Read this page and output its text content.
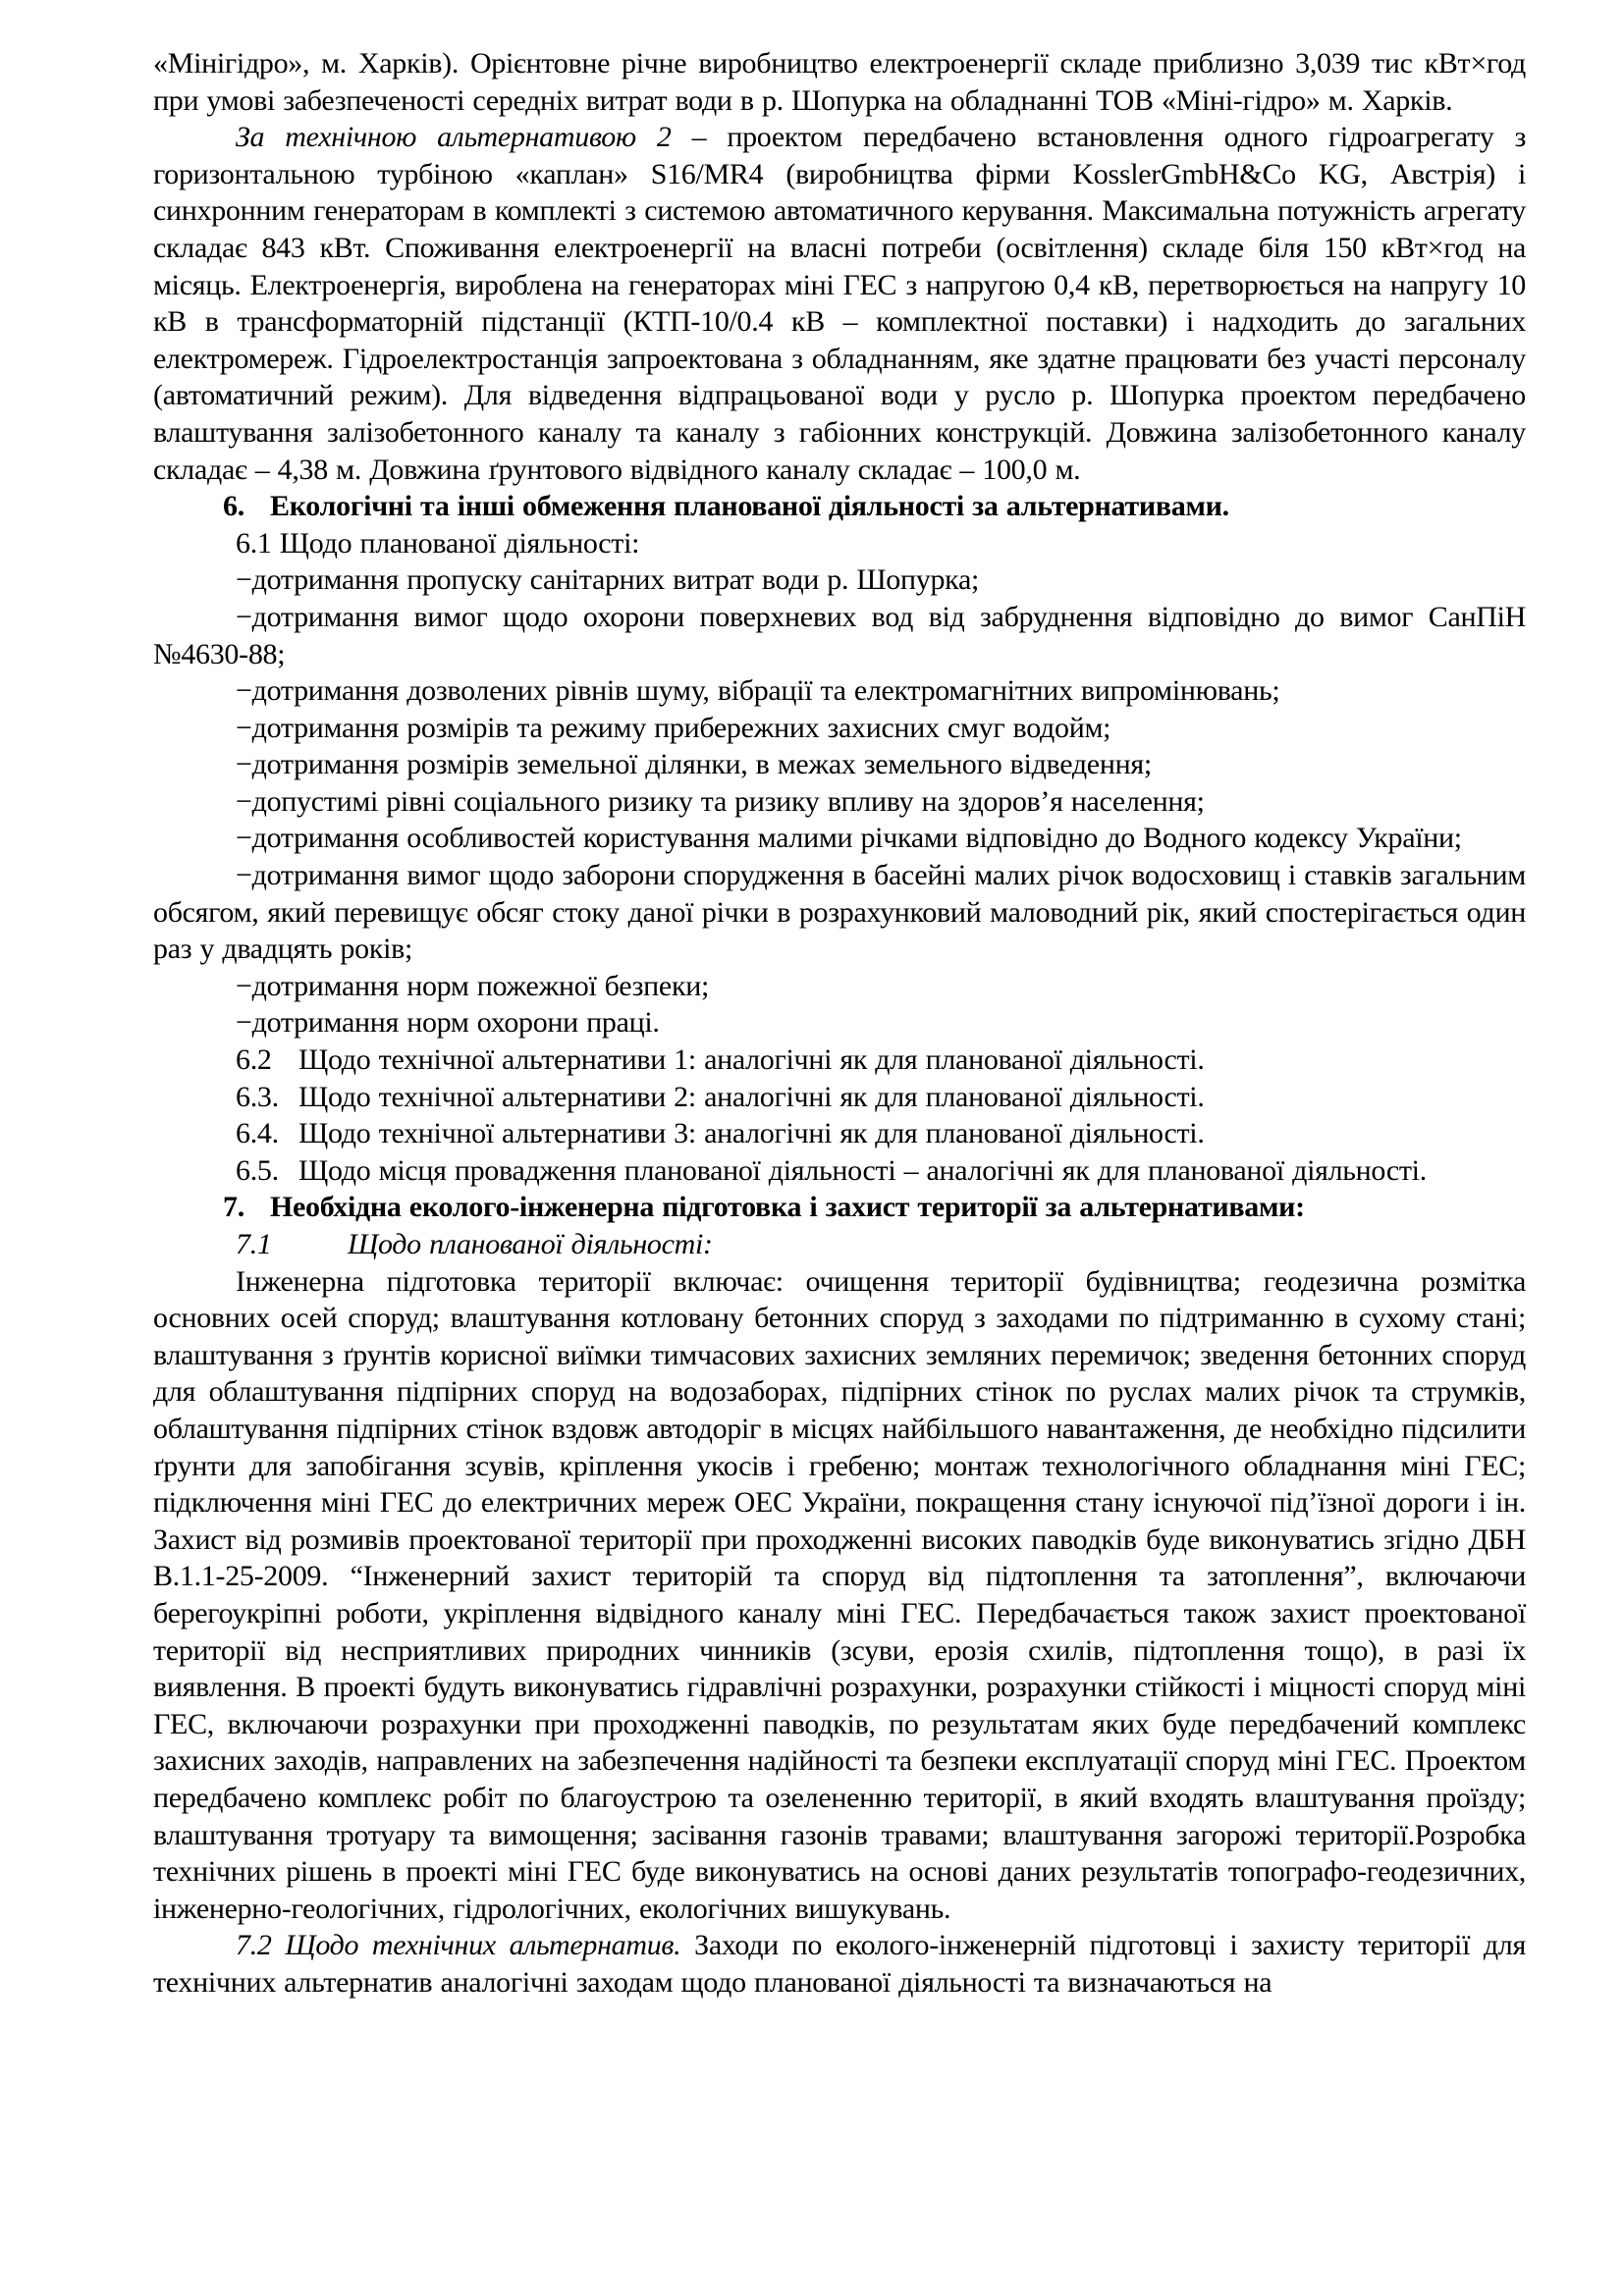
«Мінігідро», м. Харків). Орієнтовне річне виробництво електроенергії складе приблизно 3,039 тис кВт×год при умові забезпеченості середніх витрат води в р. Шопурка на обладнанні ТОВ «Міні-гідро» м. Харків.

За технічною альтернативою 2 – проектом передбачено встановлення одного гідроагрегату з горизонтальною турбіною «каплан» S16/MR4 (виробництва фірми KosslerGmbH&Co KG, Австрія) і синхронним генераторам в комплекті з системою автоматичного керування. Максимальна потужність агрегату складає 843 кВт. Споживання електроенергії на власні потреби (освітлення) складе біля 150 кВт×год на місяць. Електроенергія, вироблена на генераторах міні ГЕС з напругою 0,4 кВ, перетворюється на напругу 10 кВ в трансформаторній підстанції (КТП-10/0.4 кВ – комплектної поставки) і надходить до загальних електромереж. Гідроелектростанція запроектована з обладнанням, яке здатне працювати без участі персоналу (автоматичний режим). Для відведення відпрацьованої води у русло р. Шопурка проектом передбачено влаштування залізобетонного каналу та каналу з габіонних конструкцій. Довжина залізобетонного каналу складає – 4,38 м. Довжина ґрунтового відвідного каналу складає – 100,0 м.

6. Екологічні та інші обмеження планованої діяльності за альтернативами.

6.1 Щодо планованої діяльності:

−дотримання пропуску санітарних витрат води р. Шопурка;

−дотримання вимог щодо охорони поверхневих вод від забруднення відповідно до вимог СанПіН №4630-88;

−дотримання дозволених рівнів шуму, вібрації та електромагнітних випромінювань;

−дотримання розмірів та режиму прибережних захисних смуг водойм;

−дотримання розмірів земельної ділянки, в межах земельного відведення;

−допустимі рівні соціального ризику та ризику впливу на здоров’я населення;

−дотримання особливостей користування малими річками відповідно до Водного кодексу України;

−дотримання вимог щодо заборони спорудження в басейні малих річок водосховищ і ставків загальним обсягом, який перевищує обсяг стоку даної річки в розрахунковий маловодний рік, який спостерігається один раз у двадцять років;

−дотримання норм пожежної безпеки;

−дотримання норм охорони праці.

6.2 Щодо технічної альтернативи 1: аналогічні як для планованої діяльності.

6.3. Щодо технічної альтернативи 2: аналогічні як для планованої діяльності.

6.4. Щодо технічної альтернативи 3: аналогічні як для планованої діяльності.

6.5. Щодо місця провадження планованої діяльності – аналогічні як для планованої діяльності.

7. Необхідна еколого-інженерна підготовка і захист території за альтернативами:

7.1	Щодо планованої діяльності:

Інженерна підготовка території включає: очищення території будівництва; геодезична розмітка основних осей споруд; влаштування котловану бетонних споруд з заходами по підтриманню в сухому стані; влаштування з ґрунтів корисної виїмки тимчасових захисних земляних перемичок; зведення бетонних споруд для облаштування підпірних споруд на водозаборах, підпірних стінок по руслах малих річок та струмків, облаштування підпірних стінок вздовж автодоріг в місцях найбільшого навантаження, де необхідно підсилити ґрунти для запобігання зсувів, кріплення укосів і гребеню; монтаж технологічного обладнання міні ГЕС; підключення міні ГЕС до електричних мереж ОЕС України, покращення стану існуючої під’їзної дороги і ін. Захист від розмивів проектованої території при проходженні високих паводків буде виконуватись згідно ДБН В.1.1-25-2009. “Інженерний захист територій та споруд від підтоплення та затоплення”, включаючи берегоукріпні роботи, укріплення відвідного каналу міні ГЕС. Передбачається також захист проектованої території від несприятливих природних чинників (зсуви, ерозія схилів, підтоплення тощо), в разі їх виявлення. В проекті будуть виконуватись гідравлічні розрахунки, розрахунки стійкості і міцності споруд міні ГЕС, включаючи розрахунки при проходженні паводків, по результатам яких буде передбачений комплекс захисних заходів, направлених на забезпечення надійності та безпеки експлуатації споруд міні ГЕС. Проектом передбачено комплекс робіт по благоустрою та озелененню території, в який входять влаштування проїзду; влаштування тротуару та вимощення; засівання газонів травами; влаштування загорожі території.Розробка технічних рішень в проекті міні ГЕС буде виконуватись на основі даних результатів топографо-геодезичних, інженерно-геологічних, гідрологічних, екологічних вишукувань.

7.2 Щодо технічних альтернатив. Заходи по еколого-інженерній підготовці і захисту території для технічних альтернатив аналогічні заходам щодо планованої діяльності та визначаються на
